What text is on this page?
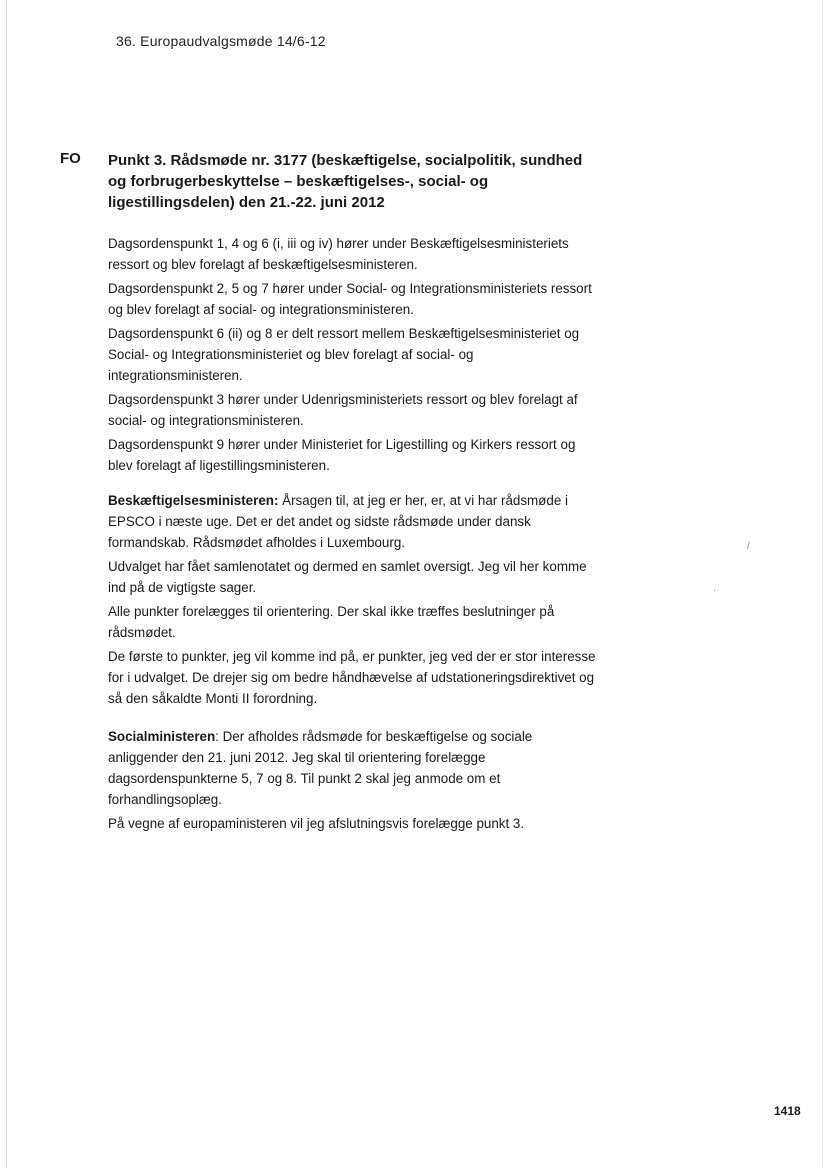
36. Europaudvalgsmøde 14/6-12
FO Punkt 3. Rådsmøde nr. 3177 (beskæftigelse, socialpolitik, sundhed og forbrugerbeskyttelse – beskæftigelses-, social- og ligestillingsdelen) den 21.-22. juni 2012

Dagsordenspunkt 1, 4 og 6 (i, iii og iv) hører under Beskæftigelsesministeriets ressort og blev forelagt af beskæftigelsesministeren.

Dagsordenspunkt 2, 5 og 7 hører under Social- og Integrationsministeriets ressort og blev forelagt af social- og integrationsministeren.

Dagsordenspunkt 6 (ii) og 8 er delt ressort mellem Beskæftigelsesministeriet og Social- og Integrationsministeriet og blev forelagt af social- og integrationsministeren.

Dagsordenspunkt 3 hører under Udenrigsministeriets ressort og blev forelagt af social- og integrationsministeren.

Dagsordenspunkt 9 hører under Ministeriet for Ligestilling og Kirkers ressort og blev forelagt af ligestillingsministeren.

Beskæftigelsesministeren: Årsagen til, at jeg er her, er, at vi har rådsmøde i EPSCO i næste uge. Det er det andet og sidste rådsmøde under dansk formandskab. Rådsmødet afholdes i Luxembourg.

Udvalget har fået samlenotatet og dermed en samlet oversigt. Jeg vil her komme ind på de vigtigste sager.

Alle punkter forelægges til orientering. Der skal ikke træffes beslutninger på rådsmødet.

De første to punkter, jeg vil komme ind på, er punkter, jeg ved der er stor interesse for i udvalget. De drejer sig om bedre håndhævelse af udstationeringsdirektivet og så den såkaldte Monti II forordning.

Socialministeren: Der afholdes rådsmøde for beskæftigelse og sociale anliggender den 21. juni 2012. Jeg skal til orientering forelægge dagsordenspunkterne 5, 7 og 8. Til punkt 2 skal jeg anmode om et forhandlingsoplæg.

På vegne af europaministeren vil jeg afslutningsvis forelægge punkt 3.

/
·
1418
